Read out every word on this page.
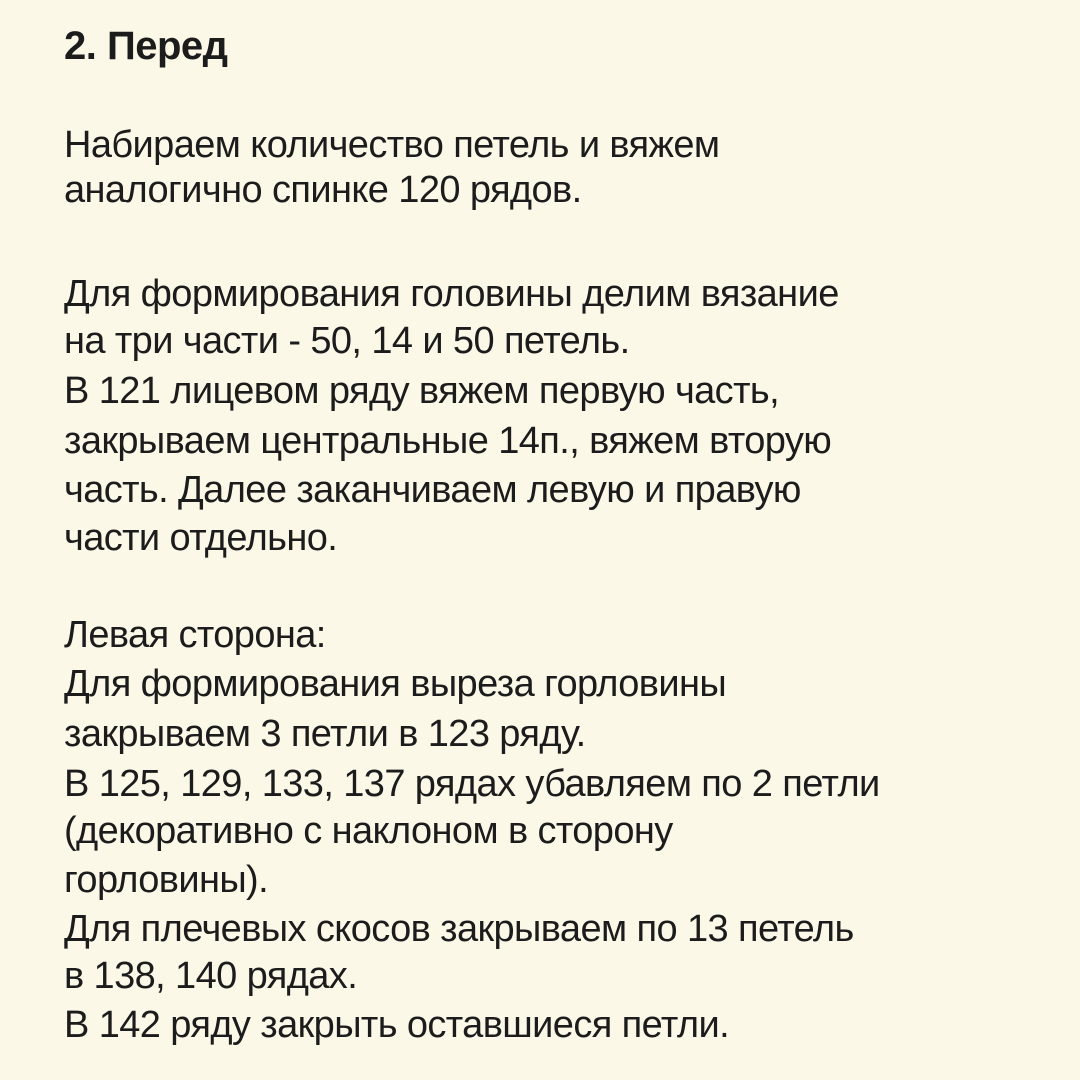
2. Перед
Набираем количество петель и вяжем
аналогично спинке 120 рядов.
Для формирования головины делим вязание
на три части - 50, 14 и 50 петель.
В 121 лицевом ряду вяжем первую часть,
закрываем центральные 14п., вяжем вторую
часть. Далее заканчиваем левую и правую
части отдельно.
Левая сторона:
Для формирования выреза горловины
закрываем 3 петли в 123 ряду.
В 125, 129, 133, 137 рядах убавляем по 2 петли
(декоративно с наклоном в сторону
горловины).
Для плечевых скосов закрываем по 13 петель
в 138, 140 рядах.
В 142 ряду закрыть оставшиеся петли.
